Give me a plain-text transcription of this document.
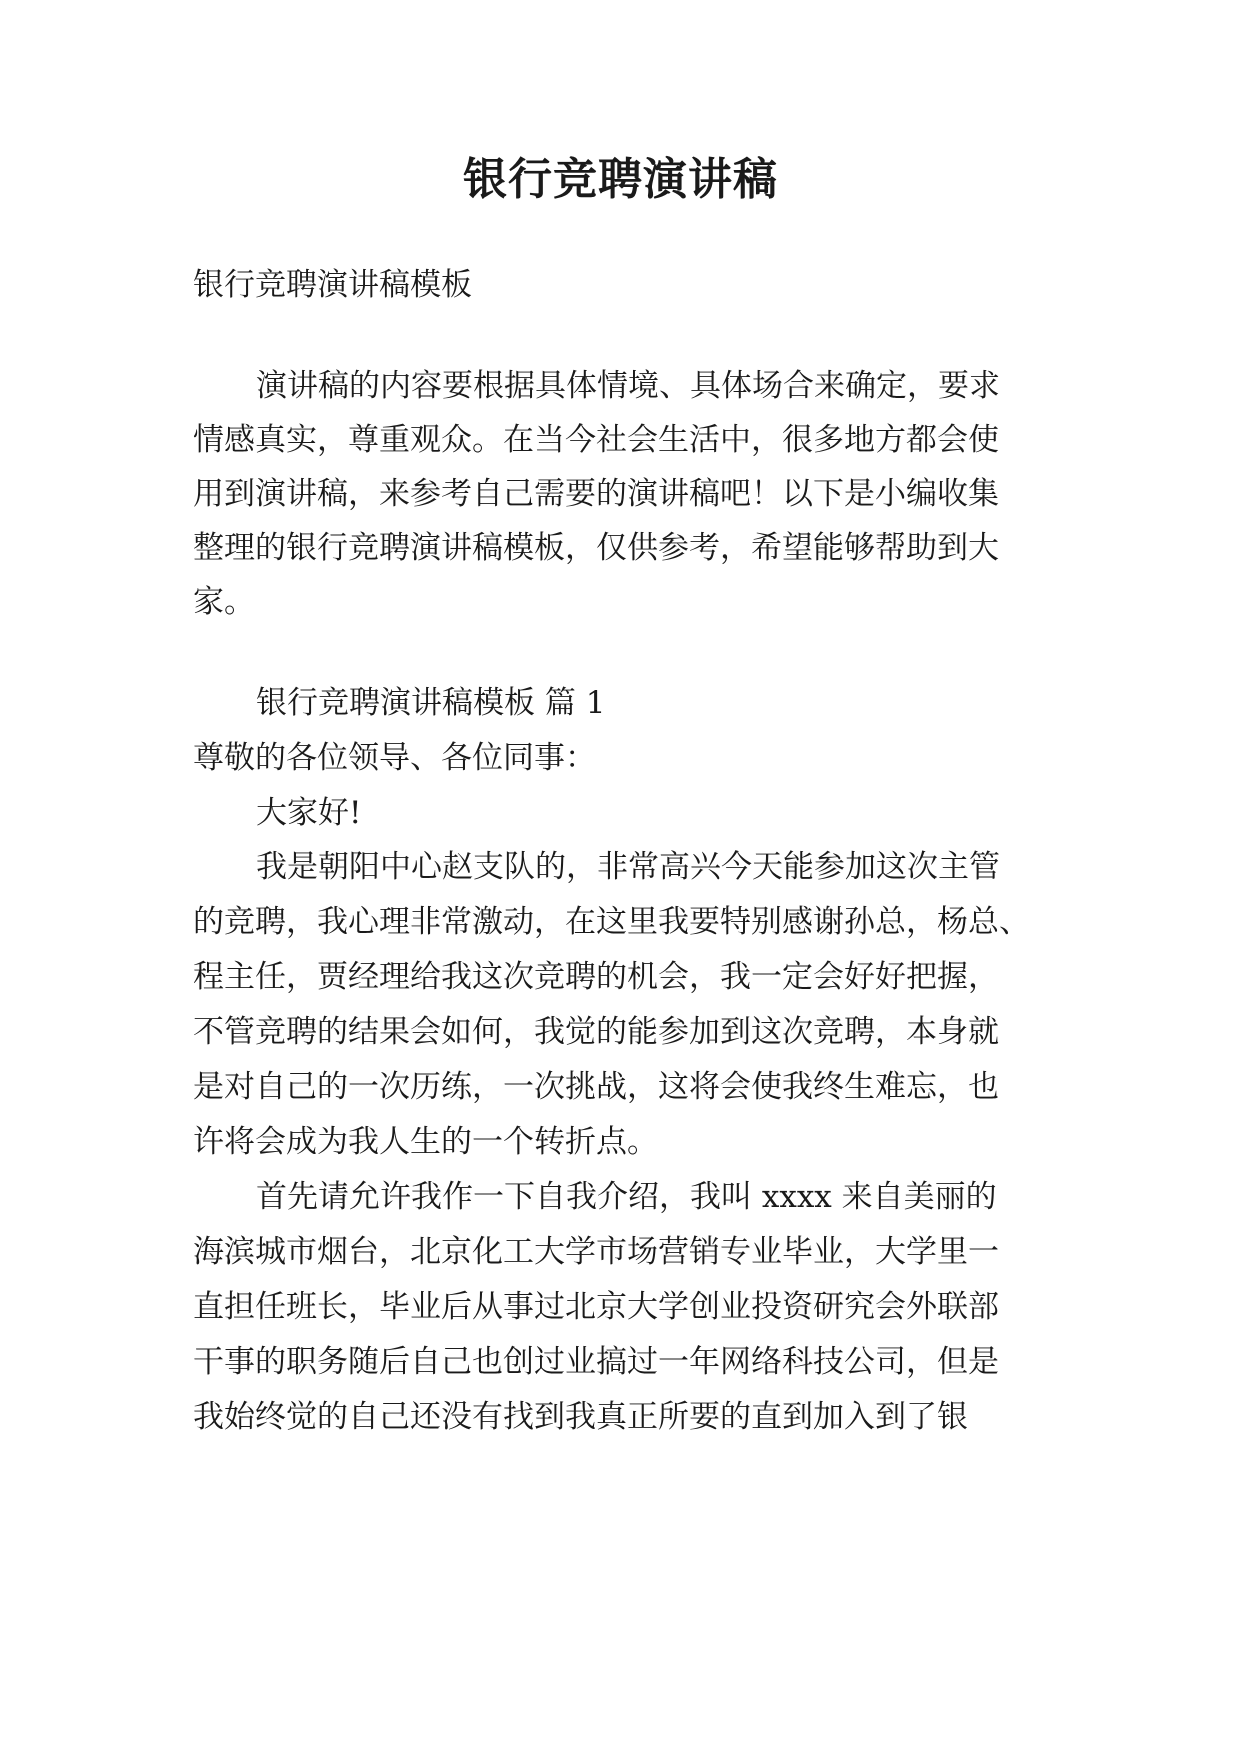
银行竞聘演讲稿
银行竞聘演讲稿模板
演讲稿的内容要根据具体情境、具体场合来确定，要求
情感真实，尊重观众。在当今社会生活中，很多地方都会使
用到演讲稿，来参考自己需要的演讲稿吧！以下是小编收集
整理的银行竞聘演讲稿模板，仅供参考，希望能够帮助到大
家。
银行竞聘演讲稿模板 篇 1
尊敬的各位领导、各位同事：
大家好!
我是朝阳中心赵支队的，非常高兴今天能参加这次主管
的竞聘，我心理非常激动，在这里我要特别感谢孙总，杨总、
程主任，贾经理给我这次竞聘的机会，我一定会好好把握，
不管竞聘的结果会如何，我觉的能参加到这次竞聘，本身就
是对自己的一次历练，一次挑战，这将会使我终生难忘，也
许将会成为我人生的一个转折点。
首先请允许我作一下自我介绍，我叫 xxxx 来自美丽的
海滨城市烟台，北京化工大学市场营销专业毕业，大学里一
直担任班长，毕业后从事过北京大学创业投资研究会外联部
干事的职务随后自己也创过业搞过一年网络科技公司，但是
我始终觉的自己还没有找到我真正所要的直到加入到了银
